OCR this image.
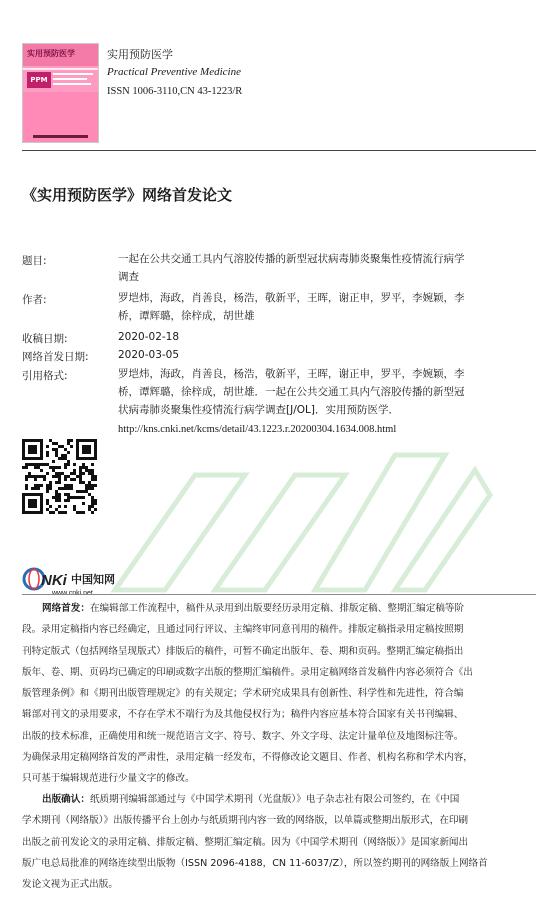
实用预防医学
PPM
实用预防医学
Practical Preventive Medicine
ISSN 1006-3110,CN 43-1223/R
《实用预防医学》网络首发论文
题目:	一起在公共交通工具内气溶胶传播的新型冠状病毒肺炎聚集性疫情流行病学
调查
作者:	罗垲炜，海政，肖善良，杨浩，敬新平，王晖，谢正申，罗平，李婉颖，李
桥，谭辉璐，徐梓成，胡世雄
收稿日期:	2020-02-18
网络首发日期:	2020-03-05
引用格式:	罗垲炜，海政，肖善良，杨浩，敬新平，王晖，谢正申，罗平，李婉颖，李
桥，谭辉璐，徐梓成，胡世雄．一起在公共交通工具内气溶胶传播的新型冠
状病毒肺炎聚集性疫情流行病学调查[J/OL]．实用预防医学．
http://kns.cnki.net/kcms/detail/43.1223.r.20200304.1634.008.html
NKi 中国知网
网络首发：在编辑部工作流程中，稿件从录用到出版要经历录用定稿、排版定稿、整期汇编定稿等阶
段。录用定稿指内容已经确定，且通过同行评议、主编终审同意刊用的稿件。排版定稿指录用定稿按照期
刊特定版式（包括网络呈现版式）排版后的稿件，可暂不确定出版年、卷、期和页码。整期汇编定稿指出
版年、卷、期、页码均已确定的印刷或数字出版的整期汇编稿件。录用定稿网络首发稿件内容必须符合《出
版管理条例》和《期刊出版管理规定》的有关规定；学术研究成果具有创新性、科学性和先进性，符合编
辑部对刊文的录用要求，不存在学术不端行为及其他侵权行为；稿件内容应基本符合国家有关书刊编辑、
出版的技术标准，正确使用和统一规范语言文字、符号、数字、外文字母、法定计量单位及地图标注等。
为确保录用定稿网络首发的严肃性，录用定稿一经发布，不得修改论文题目、作者、机构名称和学术内容，
只可基于编辑规范进行少量文字的修改。
出版确认：纸质期刊编辑部通过与《中国学术期刊（光盘版）》电子杂志社有限公司签约，在《中国
学术期刊（网络版）》出版传播平台上创办与纸质期刊内容一致的网络版，以单篇或整期出版形式，在印刷
出版之前刊发论文的录用定稿、排版定稿、整期汇编定稿。因为《中国学术期刊（网络版）》是国家新闻出
版广电总局批准的网络连续型出版物（ISSN 2096-4188，CN 11-6037/Z），所以签约期刊的网络版上网络首
发论文视为正式出版。
